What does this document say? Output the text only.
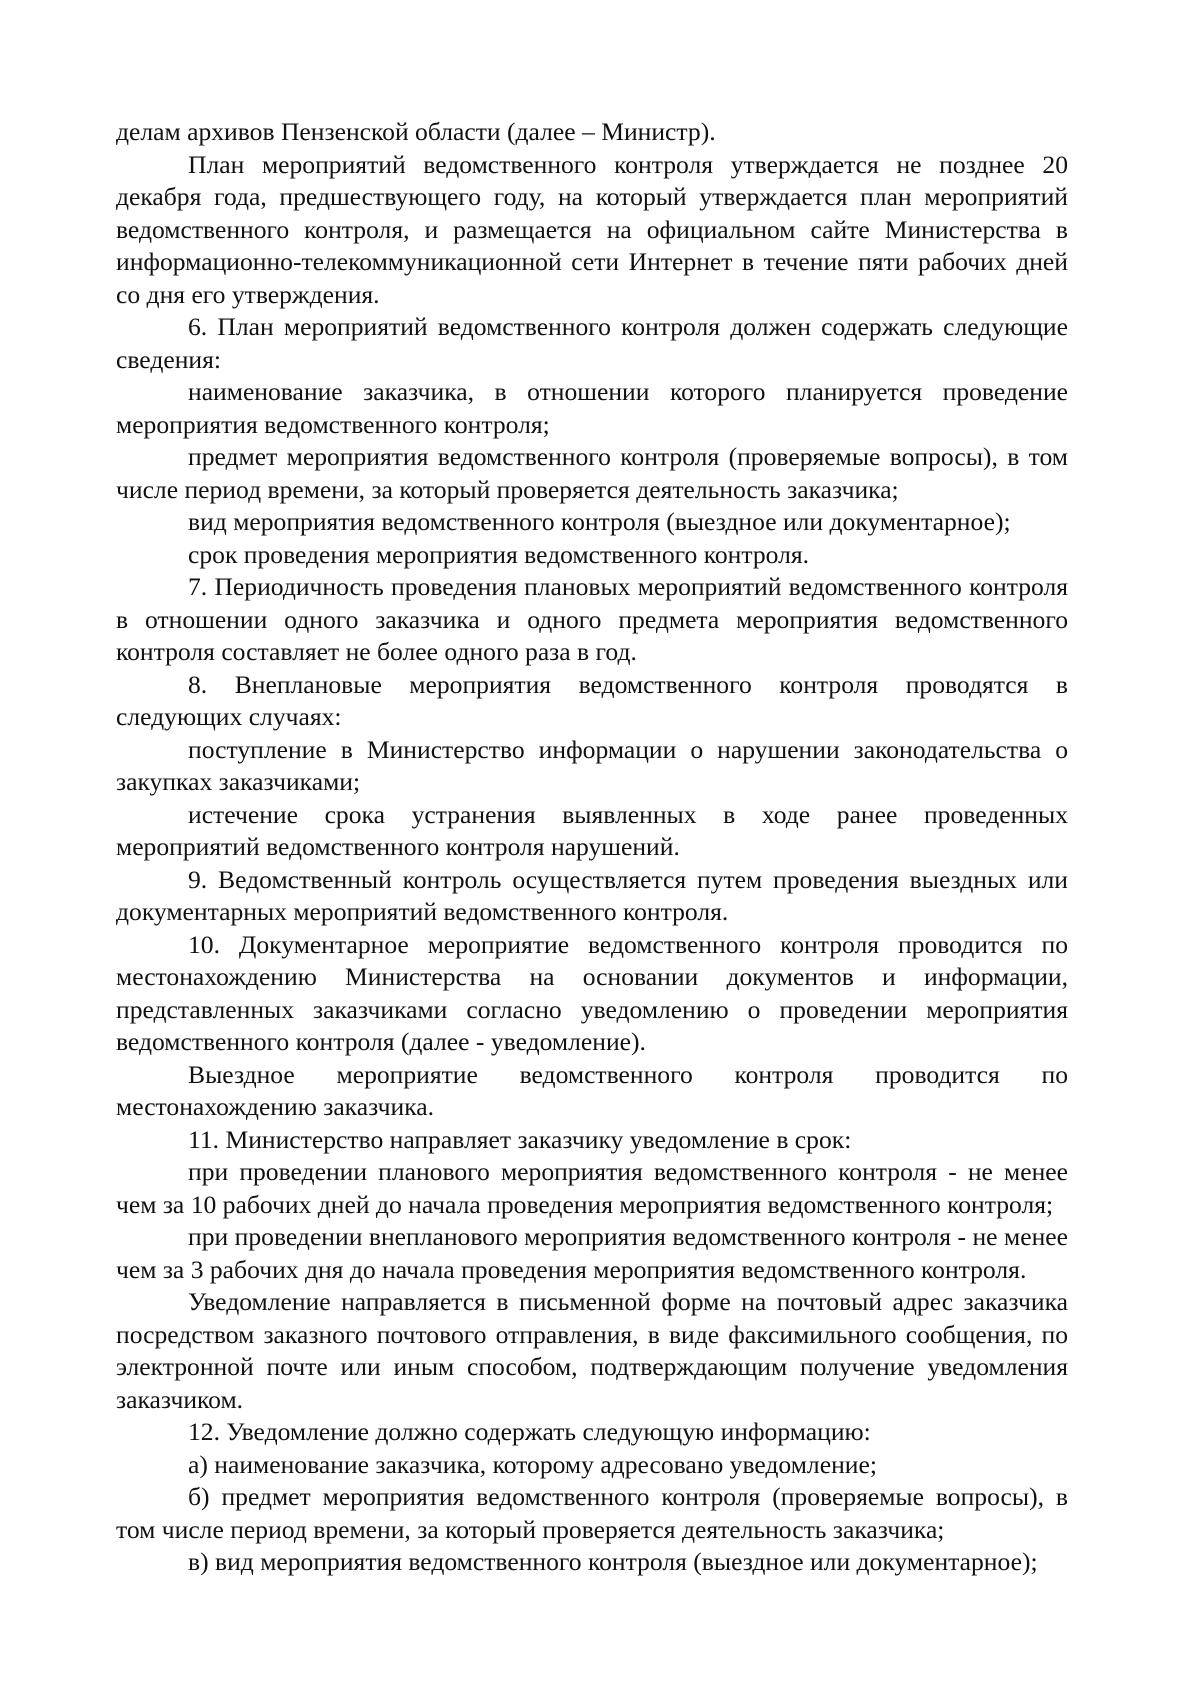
делам архивов Пензенской области (далее – Министр).

План мероприятий ведомственного контроля утверждается не позднее 20 декабря года, предшествующего году, на который утверждается план мероприятий ведомственного контроля, и размещается на официальном сайте Министерства в информационно-телекоммуникационной сети Интернет в течение пяти рабочих дней со дня его утверждения.

6. План мероприятий ведомственного контроля должен содержать следующие сведения:

наименование заказчика, в отношении которого планируется проведение мероприятия ведомственного контроля;

предмет мероприятия ведомственного контроля (проверяемые вопросы), в том числе период времени, за который проверяется деятельность заказчика;

вид мероприятия ведомственного контроля (выездное или документарное);

срок проведения мероприятия ведомственного контроля.

7. Периодичность проведения плановых мероприятий ведомственного контроля в отношении одного заказчика и одного предмета мероприятия ведомственного контроля составляет не более одного раза в год.

8. Внеплановые мероприятия ведомственного контроля проводятся в следующих случаях:

поступление в Министерство информации о нарушении законодательства о закупках заказчиками;

истечение срока устранения выявленных в ходе ранее проведенных мероприятий ведомственного контроля нарушений.

9. Ведомственный контроль осуществляется путем проведения выездных или документарных мероприятий ведомственного контроля.

10. Документарное мероприятие ведомственного контроля проводится по местонахождению Министерства на основании документов и информации, представленных заказчиками согласно уведомлению о проведении мероприятия ведомственного контроля (далее - уведомление).

Выездное мероприятие ведомственного контроля проводится по местонахождению заказчика.

11. Министерство направляет заказчику уведомление в срок:

при проведении планового мероприятия ведомственного контроля - не менее чем за 10 рабочих дней до начала проведения мероприятия ведомственного контроля;

при проведении внепланового мероприятия ведомственного контроля - не менее чем за 3 рабочих дня до начала проведения мероприятия ведомственного контроля.

Уведомление направляется в письменной форме на почтовый адрес заказчика посредством заказного почтового отправления, в виде факсимильного сообщения, по электронной почте или иным способом, подтверждающим получение уведомления заказчиком.

12. Уведомление должно содержать следующую информацию:

а) наименование заказчика, которому адресовано уведомление;

б) предмет мероприятия ведомственного контроля (проверяемые вопросы), в том числе период времени, за который проверяется деятельность заказчика;

в) вид мероприятия ведомственного контроля (выездное или документарное);
